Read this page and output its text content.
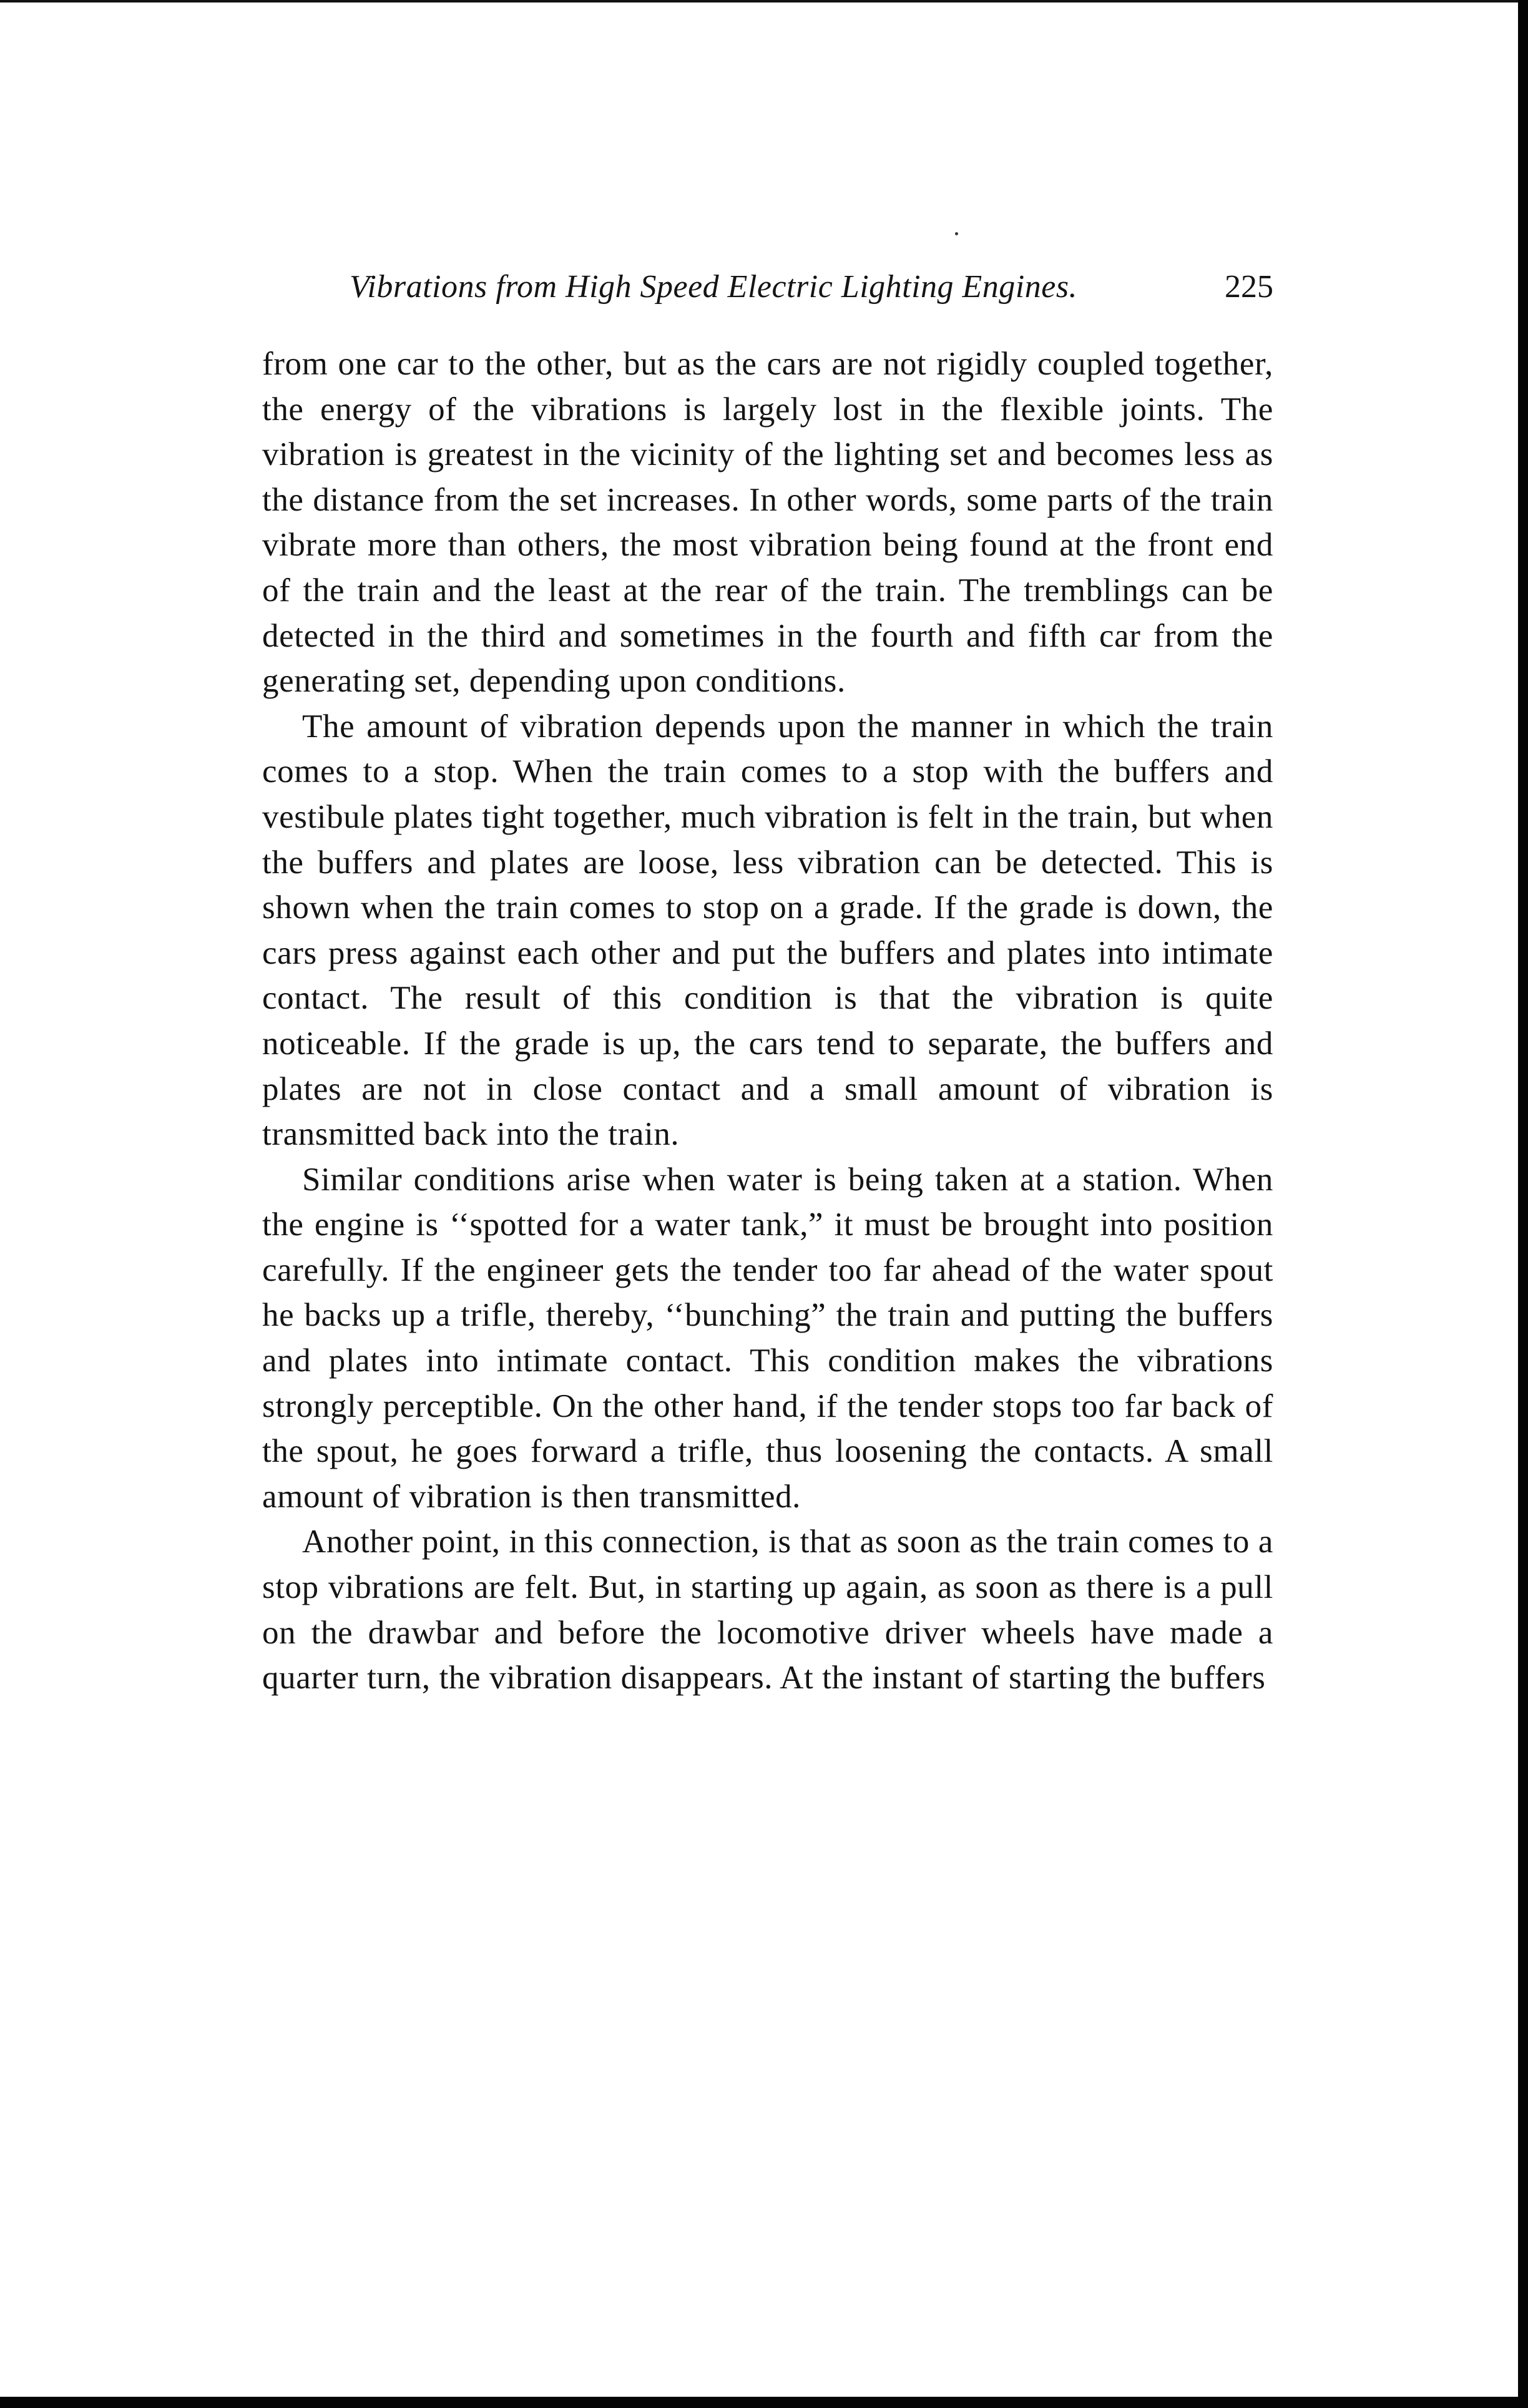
Vibrations from High Speed Electric Lighting Engines.	225

from one car to the other, but as the cars are not rigidly coupled together, the energy of the vibrations is largely lost in the flexible joints. The vibration is greatest in the vicinity of the lighting set and becomes less as the distance from the set increases. In other words, some parts of the train vibrate more than others, the most vibration being found at the front end of the train and the least at the rear of the train. The tremblings can be detected in the third and sometimes in the fourth and fifth car from the generating set, depending upon conditions.

The amount of vibration depends upon the manner in which the train comes to a stop. When the train comes to a stop with the buffers and vestibule plates tight together, much vibration is felt in the train, but when the buffers and plates are loose, less vibration can be detected. This is shown when the train comes to stop on a grade. If the grade is down, the cars press against each other and put the buffers and plates into intimate contact. The result of this condition is that the vibration is quite noticeable. If the grade is up, the cars tend to separate, the buffers and plates are not in close contact and a small amount of vibration is transmitted back into the train.

Similar conditions arise when water is being taken at a station. When the engine is ‘‘spotted for a water tank,” it must be brought into position carefully. If the engineer gets the tender too far ahead of the water spout he backs up a trifle, thereby, ‘‘bunching” the train and putting the buffers and plates into intimate contact. This condition makes the vibrations strongly perceptible. On the other hand, if the tender stops too far back of the spout, he goes forward a trifle, thus loosening the contacts. A small amount of vibration is then transmitted.

Another point, in this connection, is that as soon as the train comes to a stop vibrations are felt. But, in starting up again, as soon as there is a pull on the drawbar and before the locomotive driver wheels have made a quarter turn, the vibration disappears. At the instant of starting the buffers
